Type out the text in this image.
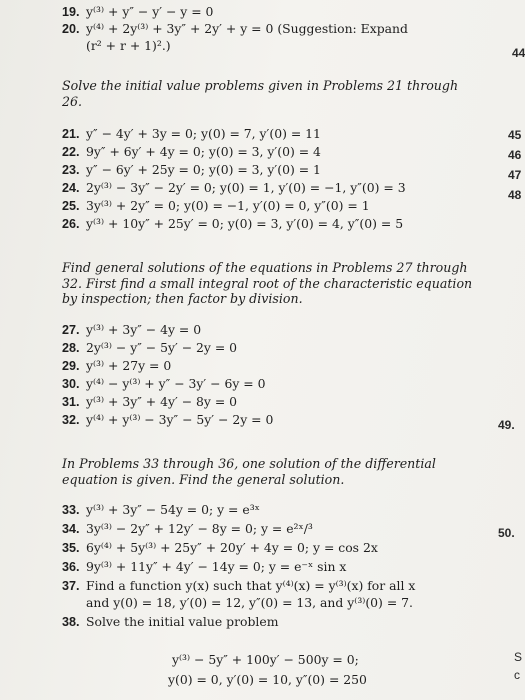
19. y⁽³⁾ + y″ − y′ − y = 0
20. y⁽⁴⁾ + 2y⁽³⁾ + 3y″ + 2y′ + y = 0 (Suggestion: Expand
(r² + r + 1)².)
Solve the initial value problems given in Problems 21 through 26.
21. y″ − 4y′ + 3y = 0; y(0) = 7, y′(0) = 11
22. 9y″ + 6y′ + 4y = 0; y(0) = 3, y′(0) = 4
23. y″ − 6y′ + 25y = 0; y(0) = 3, y′(0) = 1
24. 2y⁽³⁾ − 3y″ − 2y′ = 0; y(0) = 1, y′(0) = −1, y″(0) = 3
25. 3y⁽³⁾ + 2y″ = 0; y(0) = −1, y′(0) = 0, y″(0) = 1
26. y⁽³⁾ + 10y″ + 25y′ = 0; y(0) = 3, y′(0) = 4, y″(0) = 5
Find general solutions of the equations in Problems 27 through 32. First find a small integral root of the characteristic equation by inspection; then factor by division.
27. y⁽³⁾ + 3y″ − 4y = 0
28. 2y⁽³⁾ − y″ − 5y′ − 2y = 0
29. y⁽³⁾ + 27y = 0
30. y⁽⁴⁾ − y⁽³⁾ + y″ − 3y′ − 6y = 0
31. y⁽³⁾ + 3y″ + 4y′ − 8y = 0
32. y⁽⁴⁾ + y⁽³⁾ − 3y″ − 5y′ − 2y = 0
In Problems 33 through 36, one solution of the differential equation is given. Find the general solution.
33. y⁽³⁾ + 3y″ − 54y = 0; y = e³ˣ
34. 3y⁽³⁾ − 2y″ + 12y′ − 8y = 0; y = e²ˣ/³
35. 6y⁽⁴⁾ + 5y⁽³⁾ + 25y″ + 20y′ + 4y = 0; y = cos 2x
36. 9y⁽³⁾ + 11y″ + 4y′ − 14y = 0; y = e⁻ˣ sin x
37. Find a function y(x) such that y⁽⁴⁾(x) = y⁽³⁾(x) for all x
and y(0) = 18, y′(0) = 12, y″(0) = 13, and y⁽³⁾(0) = 7.
38. Solve the initial value problem
y⁽³⁾ − 5y″ + 100y′ − 500y = 0;
y(0) = 0, y′(0) = 10, y″(0) = 250
44
45
46
47
48
49.
50.
S
c
